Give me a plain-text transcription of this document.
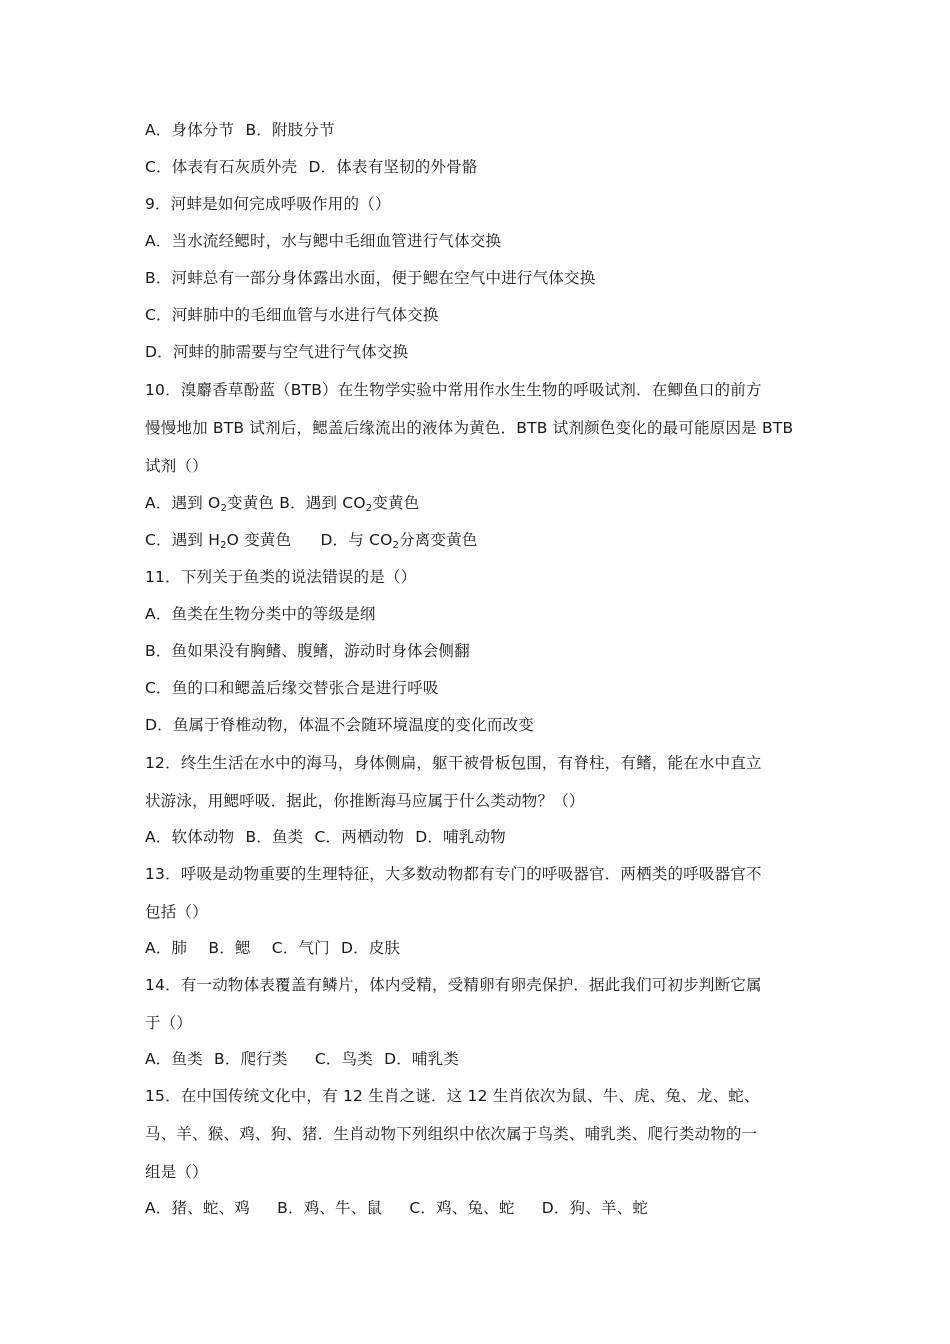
A．身体分节 B．附肢分节
C．体表有石灰质外壳 D．体表有坚韧的外骨骼
9．河蚌是如何完成呼吸作用的（）
A．当水流经鳃时，水与鳃中毛细血管进行气体交换
B．河蚌总有一部分身体露出水面，便于鳃在空气中进行气体交换
C．河蚌肺中的毛细血管与水进行气体交换
D．河蚌的肺需要与空气进行气体交换
10．溴麝香草酚蓝（BTB）在生物学实验中常用作水生生物的呼吸试剂．在鲫鱼口的前方
慢慢地加 BTB 试剂后，鳃盖后缘流出的液体为黄色．BTB 试剂颜色变化的最可能原因是 BTB
试剂（）
A．遇到 $O_2$变黄色 B．遇到 $CO_2$变黄色
C．遇到 $H_2O$ 变黄色 D．与 $CO_2$分离变黄色
11．下列关于鱼类的说法错误的是（）
A．鱼类在生物分类中的等级是纲
B．鱼如果没有胸鳍、腹鳍，游动时身体会侧翻
C．鱼的口和鳃盖后缘交替张合是进行呼吸
D．鱼属于脊椎动物，体温不会随环境温度的变化而改变
12．终生生活在水中的海马，身体侧扁，躯干被骨板包围，有脊柱，有鳍，能在水中直立
状游泳，用鳃呼吸．据此，你推断海马应属于什么类动物？（）
A．软体动物 B．鱼类 C．两栖动物 D．哺乳动物
13．呼吸是动物重要的生理特征，大多数动物都有专门的呼吸器官．两栖类的呼吸器官不
包括（）
A．肺 B．鳃 C．气门 D．皮肤
14．有一动物体表覆盖有鳞片，体内受精，受精卵有卵壳保护．据此我们可初步判断它属
于（）
A．鱼类 B．爬行类 C．鸟类 D．哺乳类
15．在中国传统文化中，有 12 生肖之谜．这 12 生肖依次为鼠、牛、虎、兔、龙、蛇、
马、羊、猴、鸡、狗、猪．生肖动物下列组织中依次属于鸟类、哺乳类、爬行类动物的一
组是（）
A．猪、蛇、鸡 B．鸡、牛、鼠 C．鸡、兔、蛇 D．狗、羊、蛇
